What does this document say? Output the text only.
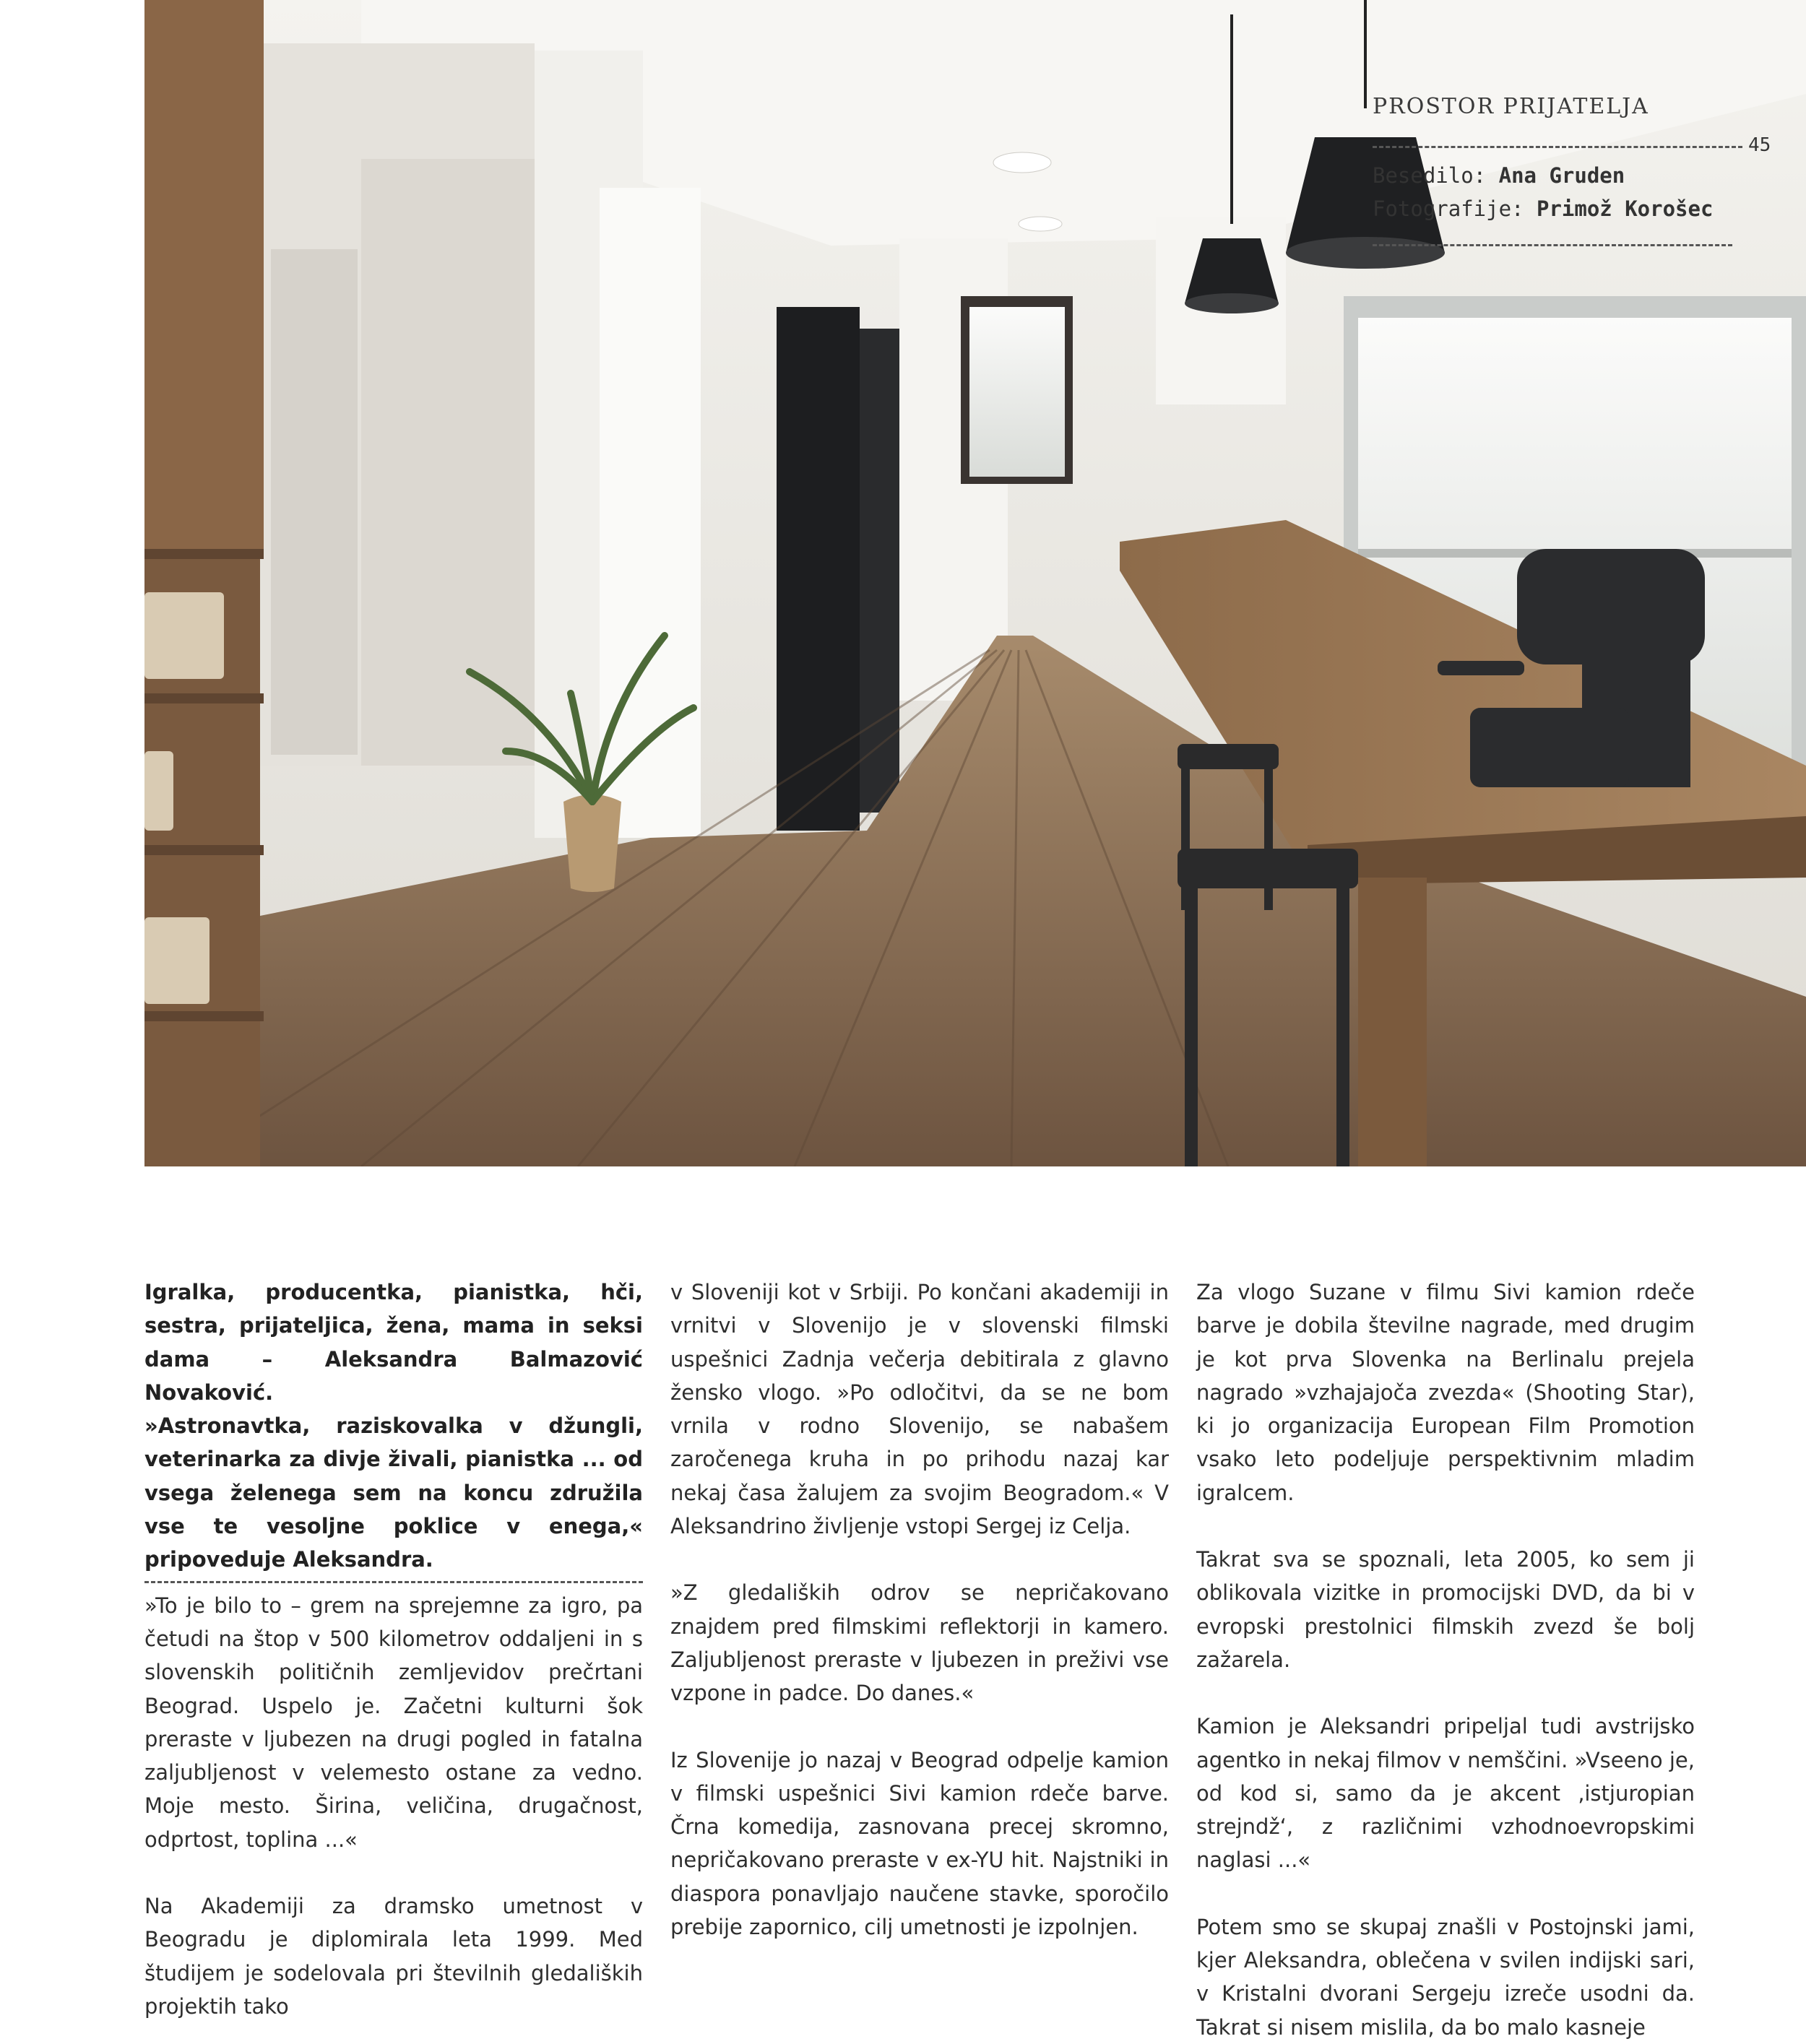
PROSTOR PRIJATELJA
45
Besedilo: Ana Gruden
Fotografije: Primož Korošec

Igralka, producentka, pianistka, hči, sestra, prijateljica, žena, mama in seksi dama – Aleksandra Balmazović Novaković.

»Astronavtka, raziskovalka v džungli, veterinarka za divje živali, pianistka ... od vsega želenega sem na koncu združila vse te vesoljne poklice v enega,« pripoveduje Aleksandra.

»To je bilo to – grem na sprejemne za igro, pa četudi na štop v 500 kilometrov oddaljeni in s slovenskih političnih zemljevidov prečrtani Beograd. Uspelo je. Začetni kulturni šok preraste v ljubezen na drugi pogled in fatalna zaljubljenost v velemesto ostane za vedno. Moje mesto. Širina, veličina, drugačnost, odprtost, toplina ...«

Na Akademiji za dramsko umetnost v Beogradu je diplomirala leta 1999. Med študijem je sodelovala pri številnih gledaliških projektih tako

v Sloveniji kot v Srbiji. Po končani akademiji in vrnitvi v Slovenijo je v slovenski filmski uspešnici Zadnja večerja debitirala z glavno žensko vlogo. »Po odločitvi, da se ne bom vrnila v rodno Slovenijo, se nabašem zaročenega kruha in po prihodu nazaj kar nekaj časa žalujem za svojim Beogradom.« V Aleksandrino življenje vstopi Sergej iz Celja.

»Z gledaliških odrov se nepričakovano znajdem pred filmskimi reflektorji in kamero. Zaljubljenost preraste v ljubezen in preživi vse vzpone in padce. Do danes.«

Iz Slovenije jo nazaj v Beograd odpelje kamion v filmski uspešnici Sivi kamion rdeče barve. Črna komedija, zasnovana precej skromno, nepričakovano preraste v ex-YU hit. Najstniki in diaspora ponavljajo naučene stavke, sporočilo prebije zapornico, cilj umetnosti je izpolnjen.

Za vlogo Suzane v filmu Sivi kamion rdeče barve je dobila številne nagrade, med drugim je kot prva Slovenka na Berlinalu prejela nagrado »vzhajajoča zvezda« (Shooting Star), ki jo organizacija European Film Promotion vsako leto podeljuje perspektivnim mladim igralcem.

Takrat sva se spoznali, leta 2005, ko sem ji oblikovala vizitke in promocijski DVD, da bi v evropski prestolnici filmskih zvezd še bolj zažarela.

Kamion je Aleksandri pripeljal tudi avstrijsko agentko in nekaj filmov v nemščini. »Vseeno je, od kod si, samo da je akcent ‚istjuropian strejndž‘, z različnimi vzhodnoevropskimi naglasi ...«

Potem smo se skupaj znašli v Postojnski jami, kjer Aleksandra, oblečena v svilen indijski sari, v Kristalni dvorani Sergeju izreče usodni da. Takrat si nisem mislila, da bo malo kasneje
